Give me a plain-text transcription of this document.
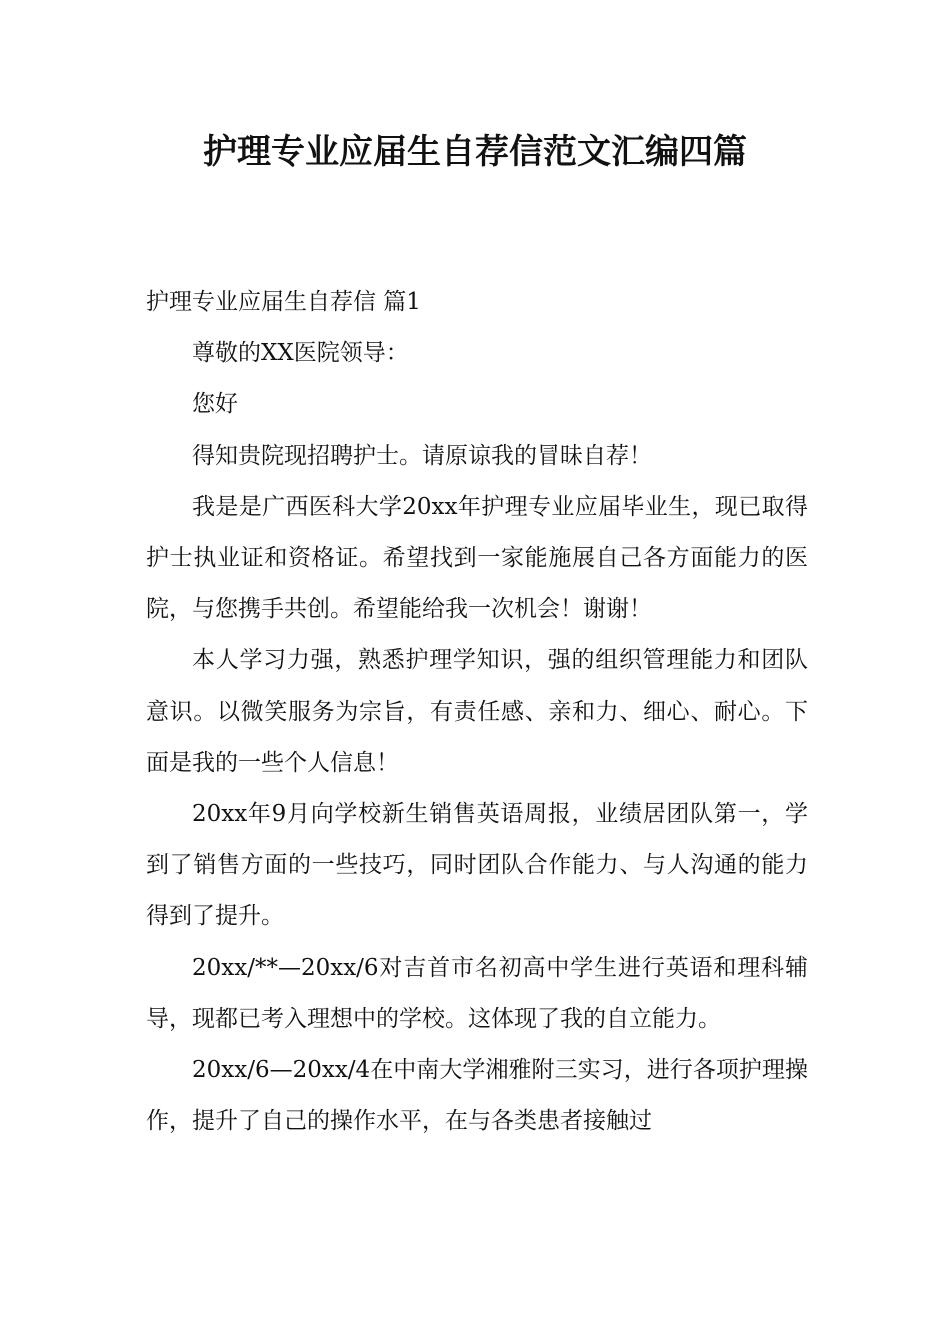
护理专业应届生自荐信范文汇编四篇

护理专业应届生自荐信 篇1

尊敬的XX医院领导：

您好

得知贵院现招聘护士。请原谅我的冒昧自荐！

我是是广西医科大学20xx年护理专业应届毕业生，现已取得护士执业证和资格证。希望找到一家能施展自己各方面能力的医院，与您携手共创。希望能给我一次机会！谢谢！

本人学习力强，熟悉护理学知识，强的组织管理能力和团队意识。以微笑服务为宗旨，有责任感、亲和力、细心、耐心。下面是我的一些个人信息！

20xx年9月向学校新生销售英语周报，业绩居团队第一，学到了销售方面的一些技巧，同时团队合作能力、与人沟通的能力得到了提升。

20xx/**—20xx/6对吉首市名初高中学生进行英语和理科辅导，现都已考入理想中的学校。这体现了我的自立能力。

20xx/6—20xx/4在中南大学湘雅附三实习，进行各项护理操作，提升了自己的操作水平，在与各类患者接触过
